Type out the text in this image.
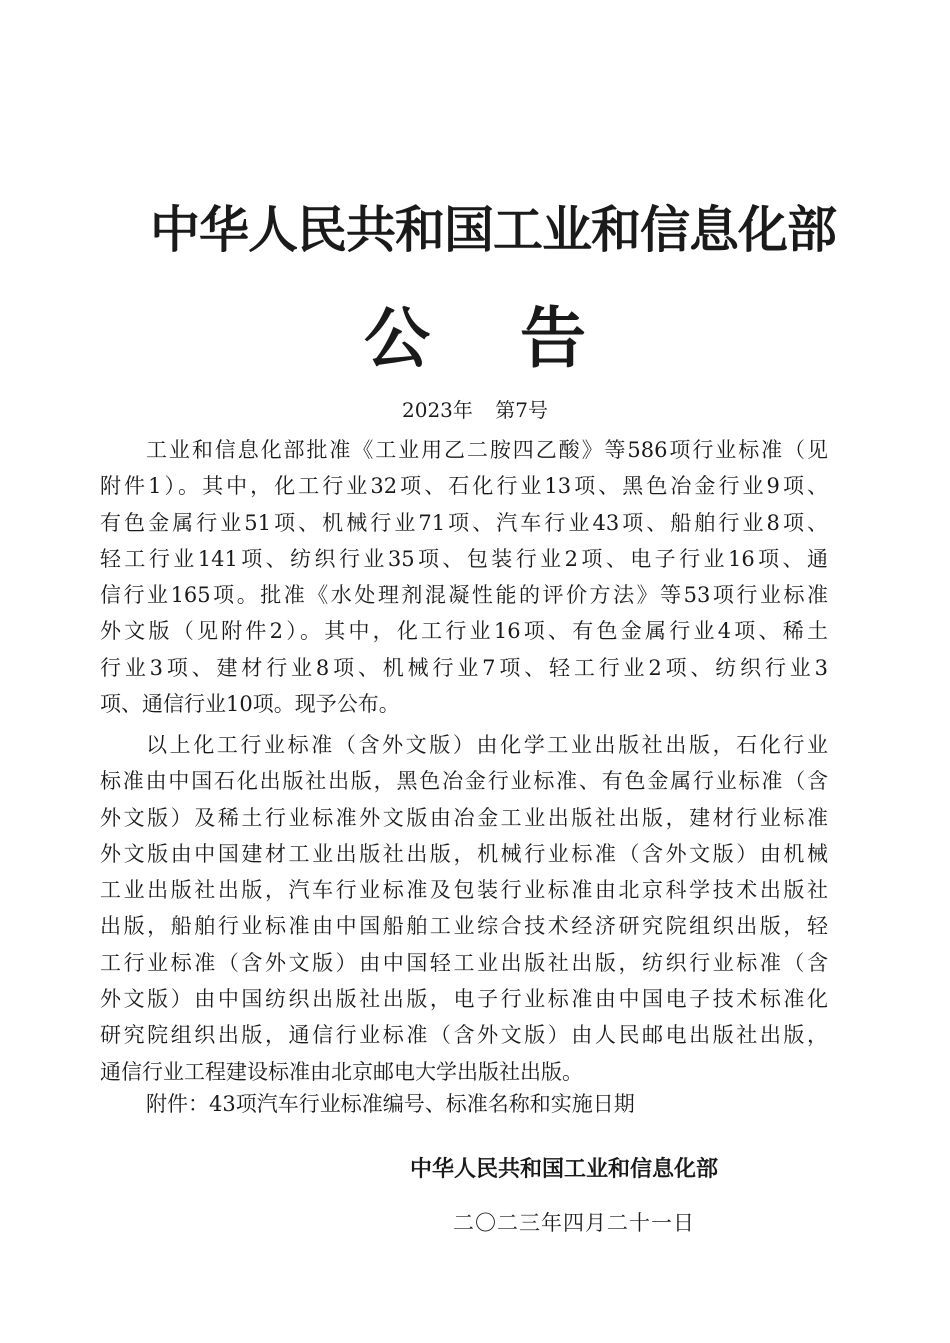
中华人民共和国工业和信息化部
公告
2023年 第7号
工业和信息化部批准《工业用乙二胺四乙酸》等586项行业标准（见
附件1）。其中，化工行业32项、石化行业13项、黑色冶金行业9项、
有色金属行业51项、机械行业71项、汽车行业43项、船舶行业8项、
轻工行业141项、纺织行业35项、包装行业2项、电子行业16项、通
信行业165项。批准《水处理剂混凝性能的评价方法》等53项行业标准
外文版（见附件2）。其中，化工行业16项、有色金属行业4项、稀土
行业3项、建材行业8项、机械行业7项、轻工行业2项、纺织行业3
项、通信行业10项。现予公布。
以上化工行业标准（含外文版）由化学工业出版社出版，石化行业
标准由中国石化出版社出版，黑色冶金行业标准、有色金属行业标准（含
外文版）及稀土行业标准外文版由冶金工业出版社出版，建材行业标准
外文版由中国建材工业出版社出版，机械行业标准（含外文版）由机械
工业出版社出版，汽车行业标准及包装行业标准由北京科学技术出版社
出版，船舶行业标准由中国船舶工业综合技术经济研究院组织出版，轻
工行业标准（含外文版）由中国轻工业出版社出版，纺织行业标准（含
外文版）由中国纺织出版社出版，电子行业标准由中国电子技术标准化
研究院组织出版，通信行业标准（含外文版）由人民邮电出版社出版，
通信行业工程建设标准由北京邮电大学出版社出版。
附件：43项汽车行业标准编号、标准名称和实施日期
中华人民共和国工业和信息化部
二〇二三年四月二十一日
